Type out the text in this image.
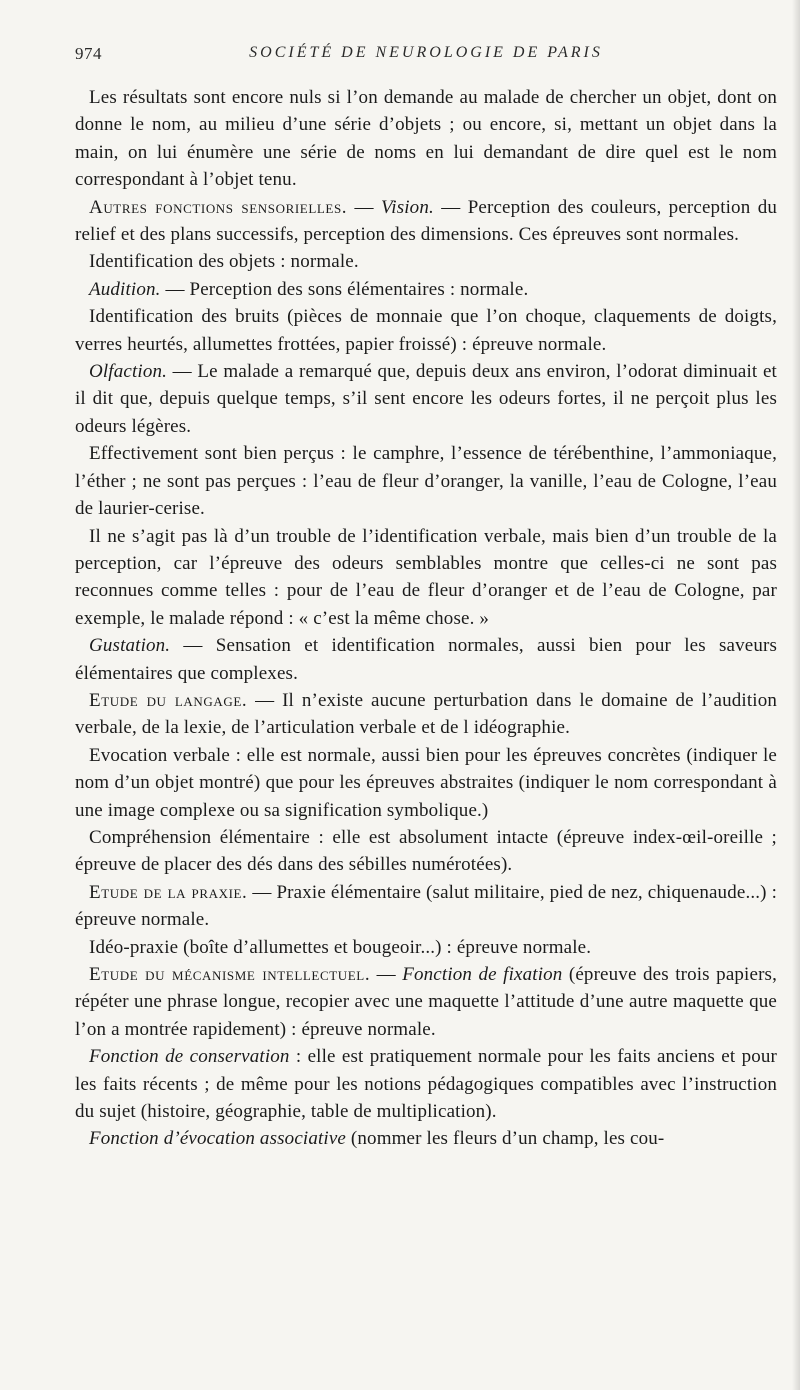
974	SOCIÉTÉ DE NEUROLOGIE DE PARIS

Les résultats sont encore nuls si l’on demande au malade de chercher un objet, dont on donne le nom, au milieu d’une série d’objets ; ou encore, si, mettant un objet dans la main, on lui énumère une série de noms en lui demandant de dire quel est le nom correspondant à l’objet tenu.

Autres fonctions sensorielles. — Vision. — Perception des couleurs, perception du relief et des plans successifs, perception des dimensions. Ces épreuves sont normales.

Identification des objets : normale.

Audition. — Perception des sons élémentaires : normale.

Identification des bruits (pièces de monnaie que l’on choque, claquements de doigts, verres heurtés, allumettes frottées, papier froissé) : épreuve normale.

Olfaction. — Le malade a remarqué que, depuis deux ans environ, l’odorat diminuait et il dit que, depuis quelque temps, s’il sent encore les odeurs fortes, il ne perçoit plus les odeurs légères.

Effectivement sont bien perçus : le camphre, l’essence de térébenthine, l’ammoniaque, l’éther ; ne sont pas perçues : l’eau de fleur d’oranger, la vanille, l’eau de Cologne, l’eau de laurier-cerise.

Il ne s’agit pas là d’un trouble de l’identification verbale, mais bien d’un trouble de la perception, car l’épreuve des odeurs semblables montre que celles-ci ne sont pas reconnues comme telles : pour de l’eau de fleur d’oranger et de l’eau de Cologne, par exemple, le malade répond : « c’est la même chose. »

Gustation. — Sensation et identification normales, aussi bien pour les saveurs élémentaires que complexes.

Etude du langage. — Il n’existe aucune perturbation dans le domaine de l’audition verbale, de la lexie, de l’articulation verbale et de l idéographie.

Evocation verbale : elle est normale, aussi bien pour les épreuves concrètes (indiquer le nom d’un objet montré) que pour les épreuves abstraites (indiquer le nom correspondant à une image complexe ou sa signification symbolique.)

Compréhension élémentaire : elle est absolument intacte (épreuve index-œil-oreille ; épreuve de placer des dés dans des sébilles numérotées).

Etude de la praxie. — Praxie élémentaire (salut militaire, pied de nez, chiquenaude...) : épreuve normale.

Idéo-praxie (boîte d’allumettes et bougeoir...) : épreuve normale.

Etude du mécanisme intellectuel. — Fonction de fixation (épreuve des trois papiers, répéter une phrase longue, recopier avec une maquette l’attitude d’une autre maquette que l’on a montrée rapidement) : épreuve normale.

Fonction de conservation : elle est pratiquement normale pour les faits anciens et pour les faits récents ; de même pour les notions pédagogiques compatibles avec l’instruction du sujet (histoire, géographie, table de multiplication).

Fonction d’évocation associative (nommer les fleurs d’un champ, les cou-
